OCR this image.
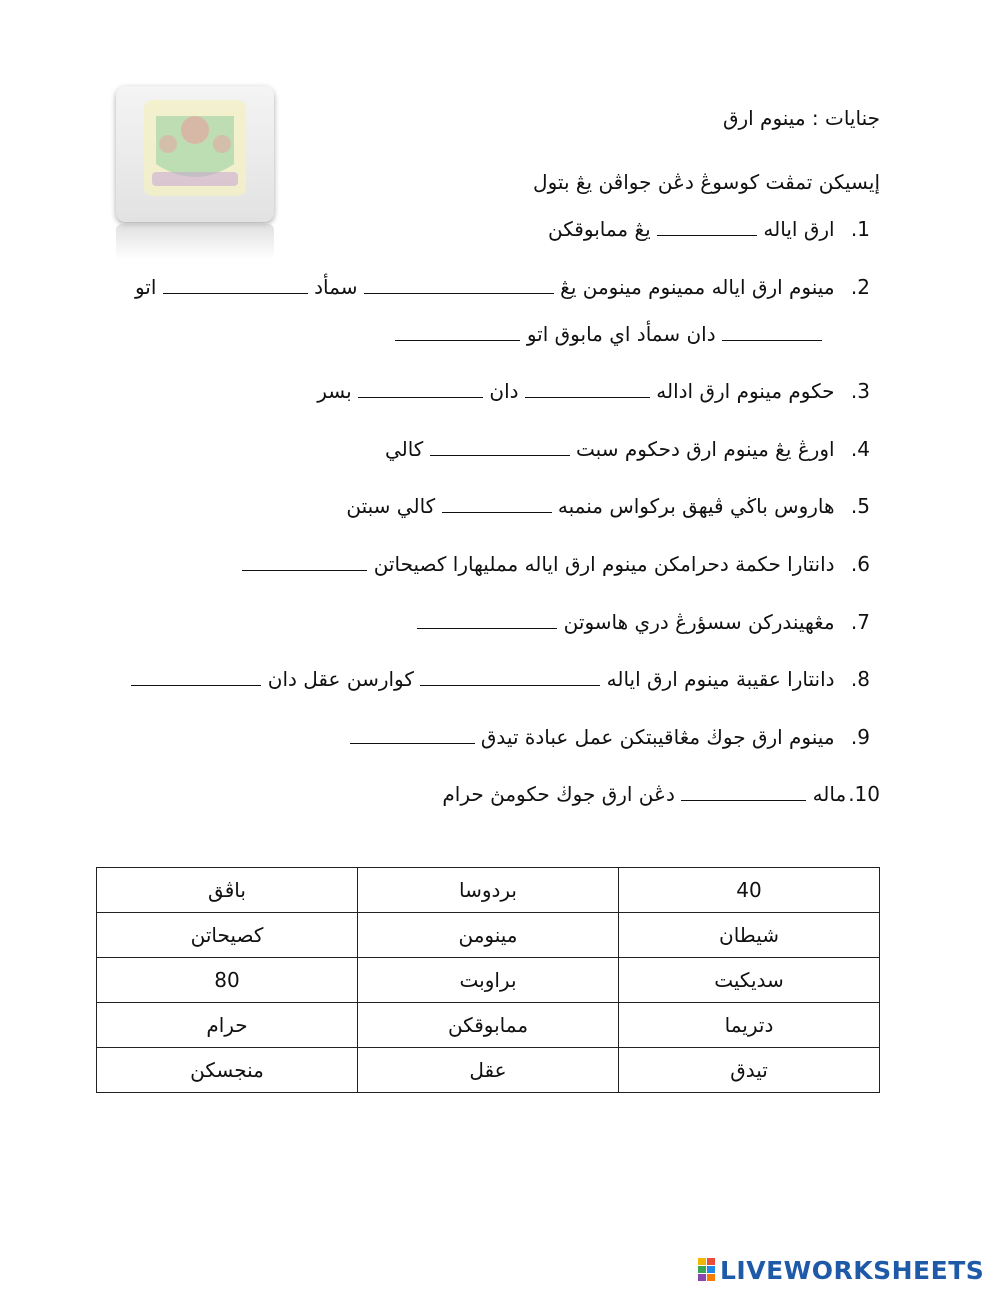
جنايات : مينوم ارق
إيسيكن تمڤت كوسوڠ دڠن جواڤن يڠ بتول
1. ارق اياله  يڠ ممابوقكن
2. مينوم ارق اياله ممينوم مينومن يڠ  سمأد  اتو
دان سمأد اي مابوق اتو
3. حكوم مينوم ارق اداله  دان  بسر
4. اورڠ يڠ مينوم ارق دحكوم سبت  كالي
5. هاروس باڬي ڤيهق بركواس منمبه  كالي سبتن
6. دانتارا حكمة دحرامكن مينوم ارق اياله مملیهارا كصيحاتن
7. مڠهيندركن سسؤرڠ دري هاسوتن
8. دانتارا عقيبة مينوم ارق اياله  كوارسن عقل دان
9. مينوم ارق جوڬ مڠاقيبتكن عمل عبادة تيدق
10.ماله  دڠن ارق جوڬ حكومڽ حرام
باڤق	بردوسا	40
كصيحاتن	مينومن	شيطان
80	براوبت	سديكيت
حرام	ممابوقكن	دتريما
منجسكن	عقل	تيدق
LIVEWORKSHEETS
